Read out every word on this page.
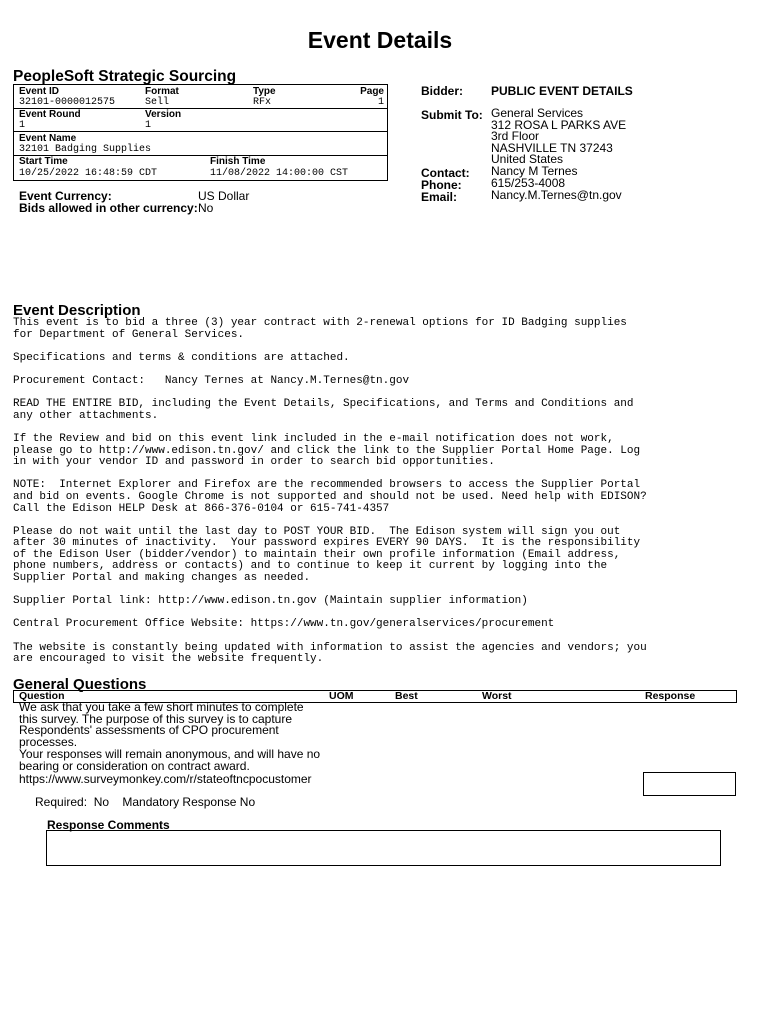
Event Details
PeopleSoft Strategic Sourcing
Event ID	Format	Type	Page
32101-0000012575	Sell	RFx	1
Event Round	Version
1	1
Event Name
32101 Badging Supplies
Start Time	Finish Time
10/25/2022 16:48:59 CDT	11/08/2022 14:00:00 CST
Event Currency:	US Dollar
Bids allowed in other currency: No
Bidder: PUBLIC EVENT DETAILS
Submit To: General Services
312 ROSA L PARKS AVE
3rd Floor
NASHVILLE TN 37243
United States
Contact: Nancy M Ternes
Phone: 615/253-4008
Email:	Nancy.M.Ternes@tn.gov
Event Description

This event is to bid a three (3) year contract with 2-renewal options for ID Badging supplies
for Department of General Services.

Specifications and terms & conditions are attached.

Procurement Contact:   Nancy Ternes at Nancy.M.Ternes@tn.gov

READ THE ENTIRE BID, including the Event Details, Specifications, and Terms and Conditions and
any other attachments.

If the Review and bid on this event link included in the e-mail notification does not work,
please go to http://www.edison.tn.gov/ and click the link to the Supplier Portal Home Page. Log
in with your vendor ID and password in order to search bid opportunities.

NOTE:  Internet Explorer and Firefox are the recommended browsers to access the Supplier Portal
and bid on events. Google Chrome is not supported and should not be used. Need help with EDISON?
Call the Edison HELP Desk at 866-376-0104 or 615-741-4357

Please do not wait until the last day to POST YOUR BID.  The Edison system will sign you out
after 30 minutes of inactivity.  Your password expires EVERY 90 DAYS.  It is the responsibility
of the Edison User (bidder/vendor) to maintain their own profile information (Email address,
phone numbers, address or contacts) and to continue to keep it current by logging into the
Supplier Portal and making changes as needed.

Supplier Portal link: http://www.edison.tn.gov (Maintain supplier information)

Central Procurement Office Website: https://www.tn.gov/generalservices/procurement

The website is constantly being updated with information to assist the agencies and vendors; you
are encouraged to visit the website frequently.

General Questions
Question	UOM	Best	Worst	Response
We ask that you take a few short minutes to complete
this survey. The purpose of this survey is to capture
Respondents' assessments of CPO procurement processes.
Your responses will remain anonymous, and will have no
bearing or consideration on contract award.
https://www.surveymonkey.com/r/stateoftncpocustomer
Required:  No    Mandatory Response No
Response Comments
